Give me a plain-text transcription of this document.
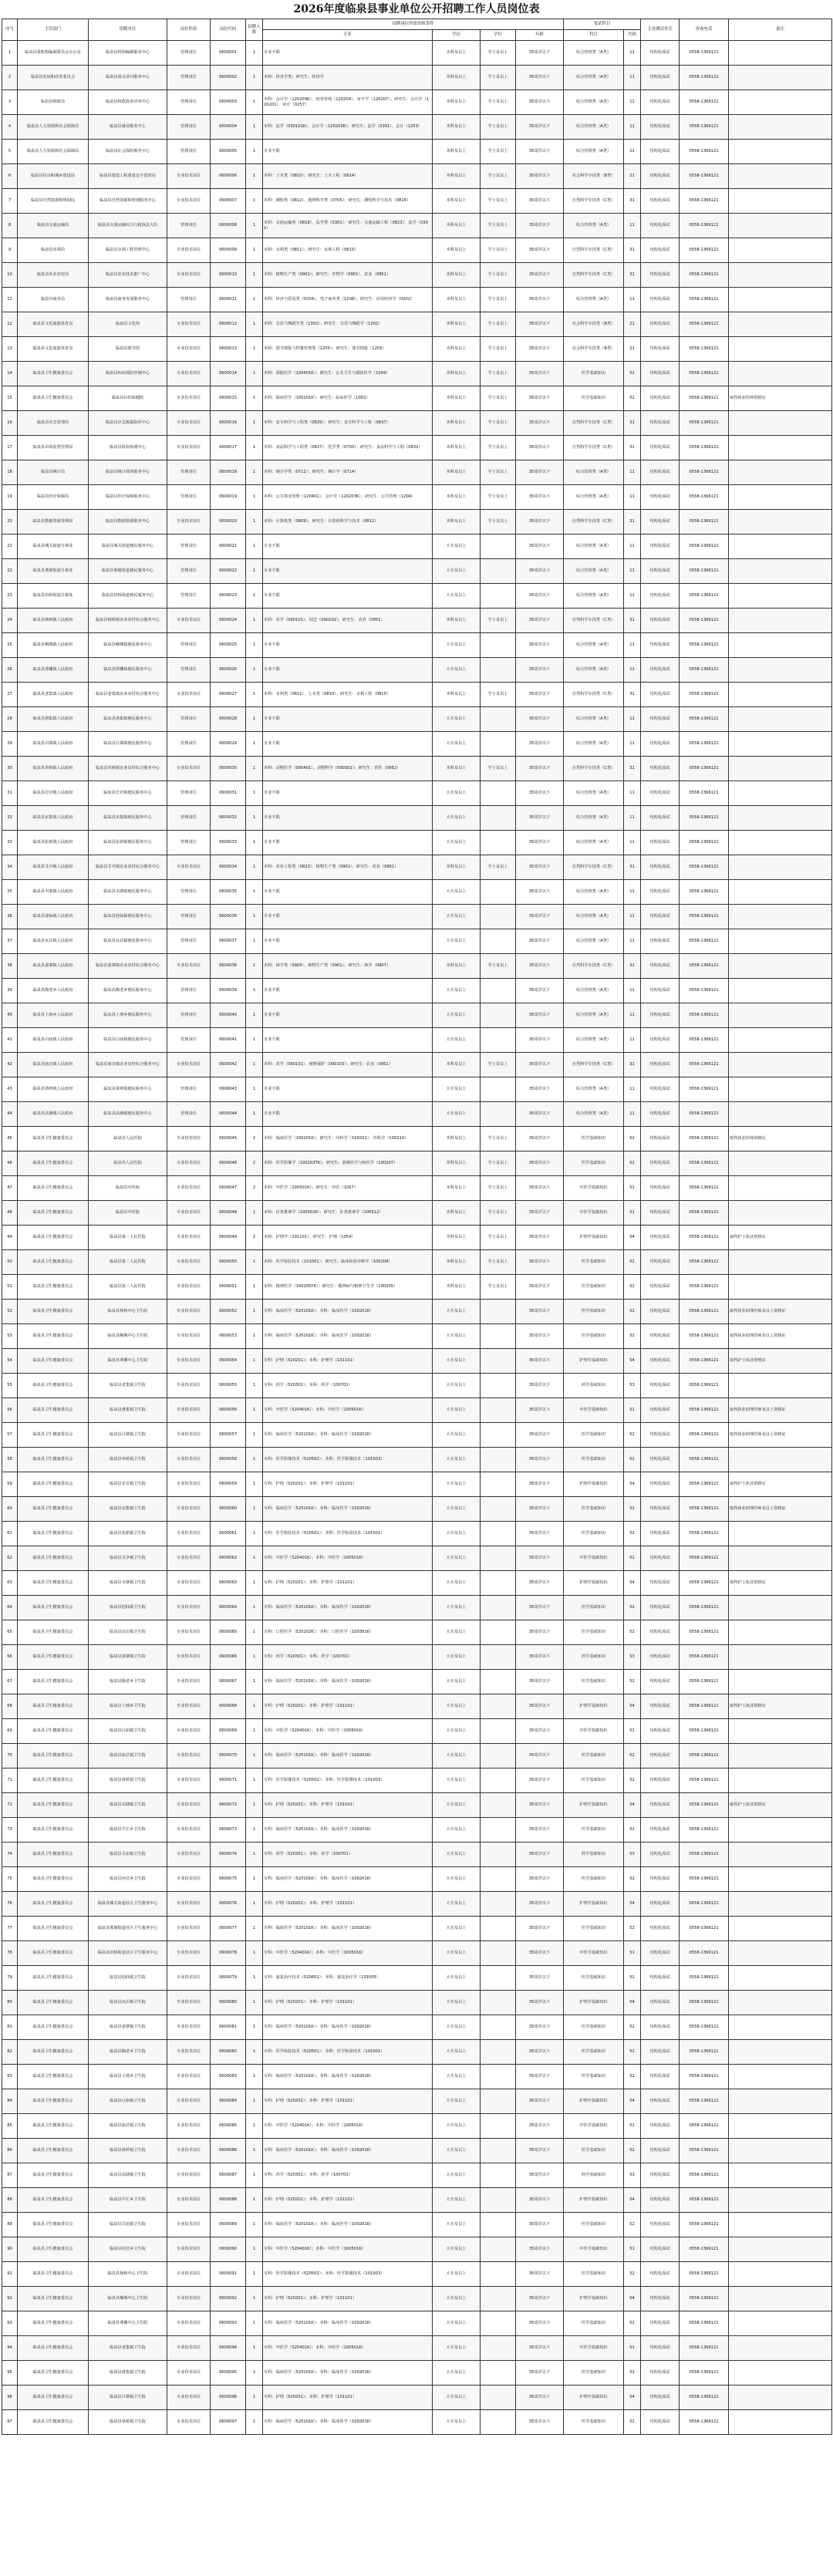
2026年度临泉县事业单位公开招聘工作人员岗位表
序号	主管部门	招聘单位	岗位性质	岗位代码	招聘人数	招聘岗位所需资格条件				笔试科目		专业测试形式	咨询电话	备注
						专业	学历	学位	年龄	科目	代码			
1	临泉县委机构编制委员会办公室	临泉县机构编制服务中心	管理岗位	0600001	1	专业不限	本科及以上	学士及以上	35周岁以下	综合管理类（A类）	11	结构化面试	0558-1366121	
2	临泉县发展和改革委员会	临泉县重点项目服务中心	管理岗位	0600002	1	本科：经济学类；研究生：经济学	本科及以上	学士及以上	35周岁以下	综合管理类（A类）	11	结构化面试	0558-1366121	
3	临泉县财政局	临泉县财政投资评审中心	管理岗位	0600003	1	本科：会计学（120203K）、财务管理（120204）、审计学（120207）；研究生：会计学（120201）、审计（0257）	本科及以上	学士及以上	35周岁以下	综合管理类（A类）	11	结构化面试	0558-1366121	
4	临泉县人力资源和社会保障局	临泉县就业服务中心	管理岗位	0600004	1	本科：法学（030101K）、会计学（120203K）；研究生：法学（0301）、会计（1253）	本科及以上	学士及以上	35周岁以下	综合管理类（A类）	11	结构化面试	0558-1366121	
5	临泉县人力资源和社会保障局	临泉县社会保险服务中心	管理岗位	0600005	1	专业不限	本科及以上	学士及以上	35周岁以下	综合管理类（A类）	11	结构化面试	0558-1366121	
6	临泉县住房和城乡建设局	临泉县建设工程质量安全监督站	专业技术岗位	0600006	1	本科：土木类（0810）；研究生：土木工程（0814）	本科及以上	学士及以上	35周岁以下	社会科学专技类（B类）	21	结构化面试	0558-1366121	
7	临泉县自然资源和规划局	临泉县自然资源和规划服务中心	专业技术岗位	0600007	1	本科：测绘类（0812）、地理科学类（0705）；研究生：测绘科学与技术（0816）	本科及以上	学士及以上	35周岁以下	自然科学专技类（C类）	31	结构化面试	0558-1366121	
8	临泉县交通运输局	临泉县交通运输综合行政执法大队	管理岗位	0600008	1	本科：交通运输类（0818）、法学类（0301）；研究生：交通运输工程（0823）、法学（0301）	本科及以上	学士及以上	35周岁以下	综合管理类（A类）	11	结构化面试	0558-1366121	
9	临泉县水利局	临泉县水利工程管理中心	专业技术岗位	0600009	1	本科：水利类（0811）；研究生：水利工程（0815）	本科及以上	学士及以上	35周岁以下	自然科学专技类（C类）	31	结构化面试	0558-1366121	
10	临泉县农业农村局	临泉县农业技术推广中心	专业技术岗位	0600010	1	本科：植物生产类（0901）；研究生：作物学（0901）、农业（0951）	本科及以上	学士及以上	35周岁以下	自然科学专技类（C类）	31	结构化面试	0558-1366121	
11	临泉县商务局	临泉县商务发展服务中心	管理岗位	0600011	1	本科：经济与贸易类（0204）、电子商务类（1208）；研究生：应用经济学（0202）	本科及以上	学士及以上	35周岁以下	综合管理类（A类）	11	结构化面试	0558-1366121	
12	临泉县文化旅游体育局	临泉县文化馆	专业技术岗位	0600012	1	本科：音乐与舞蹈学类（1302）；研究生：音乐与舞蹈学（1302）	本科及以上	学士及以上	35周岁以下	社会科学专技类（B类）	21	结构化面试	0558-1366121	
13	临泉县文化旅游体育局	临泉县图书馆	专业技术岗位	0600013	1	本科：图书情报与档案管理类（1205）；研究生：图书情报（1255）	本科及以上	学士及以上	35周岁以下	社会科学专技类（B类）	21	结构化面试	0558-1366121	
14	临泉县卫生健康委员会	临泉县疾病预防控制中心	专业技术岗位	0600014	1	本科：预防医学（100401K）；研究生：公共卫生与预防医学（1004）	本科及以上	学士及以上	35周岁以下	医学基础知识	52	结构化面试	0558-1366121	
15	临泉县卫生健康委员会	临泉县妇幼保健院	专业技术岗位	0600015	1	本科：临床医学（100201K）；研究生：临床医学（1002）	本科及以上	学士及以上	35周岁以下	医学基础知识	52	结构化面试	0558-1366121	取得执业医师资格证
16	临泉县应急管理局	临泉县应急救援指挥中心	专业技术岗位	0600016	1	本科：安全科学与工程类（0829）；研究生：安全科学与工程（0837）	本科及以上	学士及以上	35周岁以下	自然科学专技类（C类）	31	结构化面试	0558-1366121	
17	临泉县市场监督管理局	临泉县检验检测中心	专业技术岗位	0600017	1	本科：食品科学与工程类（0827）、化学类（0703）；研究生：食品科学与工程（0832）	本科及以上	学士及以上	35周岁以下	自然科学专技类（C类）	31	结构化面试	0558-1366121	
18	临泉县统计局	临泉县统计调查服务中心	管理岗位	0600018	1	本科：统计学类（0712）；研究生：统计学（0714）	本科及以上	学士及以上	35周岁以下	综合管理类（A类）	11	结构化面试	0558-1366121	
19	临泉县医疗保障局	临泉县医疗保障服务中心	管理岗位	0600019	1	本科：公共事业管理（120401）、会计学（120203K）；研究生：公共管理（1204）	本科及以上	学士及以上	35周岁以下	综合管理类（A类）	11	结构化面试	0558-1366121	
20	临泉县数据资源管理局	临泉县数据资源服务中心	专业技术岗位	0600020	1	本科：计算机类（0809）；研究生：计算机科学与技术（0812）	本科及以上	学士及以上	35周岁以下	自然科学专技类（C类）	31	结构化面试	0558-1366121	
21	临泉县城关街道办事处	临泉县城关街道便民服务中心	管理岗位	0600021	1	专业不限	大专及以上		35周岁以下	综合管理类（A类）	11	结构化面试	0558-1366121	
22	临泉县邢塘街道办事处	临泉县邢塘街道便民服务中心	管理岗位	0600022	1	专业不限	大专及以上		35周岁以下	综合管理类（A类）	11	结构化面试	0558-1366121	
23	临泉县田桥街道办事处	临泉县田桥街道便民服务中心	管理岗位	0600023	1	专业不限	大专及以上		35周岁以下	综合管理类（A类）	11	结构化面试	0558-1366121	
24	临泉县杨桥镇人民政府	临泉县杨桥镇农业农村综合服务中心	专业技术岗位	0600024	1	本科：农学（090101）、园艺（090102）；研究生：农业（0951）	本科及以上	学士及以上	35周岁以下	自然科学专技类（C类）	31	结构化面试	0558-1366121	
25	临泉县鲖城镇人民政府	临泉县鲖城镇便民服务中心	管理岗位	0600025	1	专业不限	大专及以上		35周岁以下	综合管理类（A类）	11	结构化面试	0558-1366121	
26	临泉县谭棚镇人民政府	临泉县谭棚镇便民服务中心	管理岗位	0600026	1	专业不限	大专及以上		35周岁以下	综合管理类（A类）	11	结构化面试	0558-1366121	
27	临泉县老集镇人民政府	临泉县老集镇农业农村综合服务中心	专业技术岗位	0600027	1	本科：水利类（0811）、土木类（0810）；研究生：水利工程（0815）	本科及以上	学士及以上	35周岁以下	自然科学专技类（C类）	31	结构化面试	0558-1366121	
28	临泉县滑集镇人民政府	临泉县滑集镇便民服务中心	管理岗位	0600028	1	专业不限	大专及以上		35周岁以下	综合管理类（A类）	11	结构化面试	0558-1366121	
29	临泉县吕寨镇人民政府	临泉县吕寨镇便民服务中心	管理岗位	0600029	1	专业不限	大专及以上		35周岁以下	综合管理类（A类）	11	结构化面试	0558-1366121	
30	临泉县单桥镇人民政府	临泉县单桥镇农业农村综合服务中心	专业技术岗位	0600030	1	本科：动物医学（090401）、动物科学（090301）；研究生：兽医（0952）	本科及以上	学士及以上	35周岁以下	自然科学专技类（C类）	31	结构化面试	0558-1366121	
31	临泉县长官镇人民政府	临泉县长官镇便民服务中心	管理岗位	0600031	1	专业不限	大专及以上		35周岁以下	综合管理类（A类）	11	结构化面试	0558-1366121	
32	临泉县宋集镇人民政府	临泉县宋集镇便民服务中心	管理岗位	0600032	1	专业不限	大专及以上		35周岁以下	综合管理类（A类）	11	结构化面试	0558-1366121	
33	临泉县张新镇人民政府	临泉县张新镇便民服务中心	管理岗位	0600033	1	专业不限	大专及以上		35周岁以下	综合管理类（A类）	11	结构化面试	0558-1366121	
34	临泉县艾亭镇人民政府	临泉县艾亭镇农业农村综合服务中心	专业技术岗位	0600034	1	本科：农业工程类（0823）、植物生产类（0901）；研究生：农业（0951）	本科及以上	学士及以上	35周岁以下	自然科学专技类（C类）	31	结构化面试	0558-1366121	
35	临泉县韦寨镇人民政府	临泉县韦寨镇便民服务中心	管理岗位	0600035	1	专业不限	大专及以上		35周岁以下	综合管理类（A类）	11	结构化面试	0558-1366121	
36	临泉县迎仙镇人民政府	临泉县迎仙镇便民服务中心	管理岗位	0600036	1	专业不限	大专及以上		35周岁以下	综合管理类（A类）	11	结构化面试	0558-1366121	
37	临泉县瓦店镇人民政府	临泉县瓦店镇便民服务中心	管理岗位	0600037	1	专业不限	大专及以上		35周岁以下	综合管理类（A类）	11	结构化面试	0558-1366121	
38	临泉县姜寨镇人民政府	临泉县姜寨镇农业农村综合服务中心	专业技术岗位	0600038	1	本科：林学类（0905）、植物生产类（0901）；研究生：林学（0907）	本科及以上	学士及以上	35周岁以下	自然科学专技类（C类）	31	结构化面试	0558-1366121	
39	临泉县陶老乡人民政府	临泉县陶老乡便民服务中心	管理岗位	0600039	1	专业不限	大专及以上		35周岁以下	综合管理类（A类）	11	结构化面试	0558-1366121	
40	临泉县土坡乡人民政府	临泉县土坡乡便民服务中心	管理岗位	0600040	1	专业不限	大专及以上		35周岁以下	综合管理类（A类）	11	结构化面试	0558-1366121	
41	临泉县白庙镇人民政府	临泉县白庙镇便民服务中心	管理岗位	0600041	1	专业不限	大专及以上		35周岁以下	综合管理类（A类）	11	结构化面试	0558-1366121	
42	临泉县庙岔镇人民政府	临泉县庙岔镇农业农村综合服务中心	专业技术岗位	0600042	1	本科：农学（090101）、植物保护（090103）；研究生：农业（0951）	本科及以上	学士及以上	35周岁以下	自然科学专技类（C类）	31	结构化面试	0558-1366121	
43	临泉县黄岭镇人民政府	临泉县黄岭镇便民服务中心	管理岗位	0600043	1	专业不限	大专及以上		35周岁以下	综合管理类（A类）	11	结构化面试	0558-1366121	
44	临泉县高塘镇人民政府	临泉县高塘镇便民服务中心	管理岗位	0600044	1	专业不限	大专及以上		35周岁以下	综合管理类（A类）	11	结构化面试	0558-1366121	
45	临泉县卫生健康委员会	临泉县人民医院	专业技术岗位	0600045	2	本科：临床医学（100201K）；研究生：内科学（100201）、外科学（100210）	本科及以上	学士及以上	35周岁以下	医学基础知识	52	结构化面试	0558-1366121	取得执业医师资格证
46	临泉县卫生健康委员会	临泉县人民医院	专业技术岗位	0600046	2	本科：医学影像学（100203TK）；研究生：影像医学与核医学（100207）	本科及以上	学士及以上	35周岁以下	医学基础知识	52	结构化面试	0558-1366121	
47	临泉县卫生健康委员会	临泉县中医院	专业技术岗位	0600047	2	本科：中医学（100501K）；研究生：中医（1057）	本科及以上	学士及以上	35周岁以下	中医学基础知识	51	结构化面试	0558-1366121	
48	临泉县卫生健康委员会	临泉县中医院	专业技术岗位	0600048	1	本科：针灸推拿学（100502K）；研究生：针灸推拿学（100512）	本科及以上	学士及以上	35周岁以下	中医学基础知识	51	结构化面试	0558-1366121	
49	临泉县卫生健康委员会	临泉县第二人民医院	专业技术岗位	0600049	2	本科：护理学（101101）；研究生：护理（1054）	本科及以上	学士及以上	35周岁以下	护理学基础知识	54	结构化面试	0558-1366121	取得护士执业资格证
50	临泉县卫生健康委员会	临泉县第二人民医院	专业技术岗位	0600050	1	本科：医学检验技术（101001）；研究生：临床检验诊断学（100208）	本科及以上	学士及以上	35周岁以下	医学基础知识	52	结构化面试	0558-1366121	
51	临泉县卫生健康委员会	临泉县第三人民医院	专业技术岗位	0600051	1	本科：精神医学（100205TK）；研究生：精神病与精神卫生学（100205）	本科及以上	学士及以上	35周岁以下	医学基础知识	52	结构化面试	0558-1366121	
52	临泉县卫生健康委员会	临泉县杨桥中心卫生院	专业技术岗位	0600052	1	专科：临床医学（520101K）；本科：临床医学（100201K）	大专及以上		35周岁以下	医学基础知识	52	结构化面试	0558-1366121	取得执业助理医师及以上资格证
53	临泉县卫生健康委员会	临泉县鲖城中心卫生院	专业技术岗位	0600053	1	专科：临床医学（520101K）；本科：临床医学（100201K）	大专及以上		35周岁以下	医学基础知识	52	结构化面试	0558-1366121	取得执业助理医师及以上资格证
54	临泉县卫生健康委员会	临泉县谭棚中心卫生院	专业技术岗位	0600054	1	专科：护理（520201）；本科：护理学（101101）	大专及以上		35周岁以下	护理学基础知识	54	结构化面试	0558-1366121	取得护士执业资格证
55	临泉县卫生健康委员会	临泉县老集镇卫生院	专业技术岗位	0600055	1	专科：药学（520301）；本科：药学（100701）	大专及以上		35周岁以下	药学基础知识	53	结构化面试	0558-1366121	
56	临泉县卫生健康委员会	临泉县滑集镇卫生院	专业技术岗位	0600056	1	专科：中医学（520401K）；本科：中医学（100501K）	大专及以上		35周岁以下	中医学基础知识	51	结构化面试	0558-1366121	取得执业助理医师及以上资格证
57	临泉县卫生健康委员会	临泉县吕寨镇卫生院	专业技术岗位	0600057	1	专科：临床医学（520101K）；本科：临床医学（100201K）	大专及以上		35周岁以下	医学基础知识	52	结构化面试	0558-1366121	取得执业助理医师及以上资格证
58	临泉县卫生健康委员会	临泉县单桥镇卫生院	专业技术岗位	0600058	1	专科：医学影像技术（520502）；本科：医学影像技术（101003）	大专及以上		35周岁以下	医学基础知识	52	结构化面试	0558-1366121	
59	临泉县卫生健康委员会	临泉县长官镇卫生院	专业技术岗位	0600059	1	专科：护理（520201）；本科：护理学（101101）	大专及以上		35周岁以下	护理学基础知识	54	结构化面试	0558-1366121	取得护士执业资格证
60	临泉县卫生健康委员会	临泉县宋集镇卫生院	专业技术岗位	0600060	1	专科：临床医学（520101K）；本科：临床医学（100201K）	大专及以上		35周岁以下	医学基础知识	52	结构化面试	0558-1366121	取得执业助理医师及以上资格证
61	临泉县卫生健康委员会	临泉县张新镇卫生院	专业技术岗位	0600061	1	专科：医学检验技术（520501）；本科：医学检验技术（101001）	大专及以上		35周岁以下	医学基础知识	52	结构化面试	0558-1366121	
62	临泉县卫生健康委员会	临泉县艾亭镇卫生院	专业技术岗位	0600062	1	专科：中医学（520401K）；本科：中医学（100501K）	大专及以上		35周岁以下	中医学基础知识	51	结构化面试	0558-1366121	
63	临泉县卫生健康委员会	临泉县韦寨镇卫生院	专业技术岗位	0600063	1	专科：护理（520201）；本科：护理学（101101）	大专及以上		35周岁以下	护理学基础知识	54	结构化面试	0558-1366121	取得护士执业资格证
64	临泉县卫生健康委员会	临泉县迎仙镇卫生院	专业技术岗位	0600064	1	专科：临床医学（520101K）；本科：临床医学（100201K）	大专及以上		35周岁以下	医学基础知识	52	结构化面试	0558-1366121	
65	临泉县卫生健康委员会	临泉县瓦店镇卫生院	专业技术岗位	0600065	1	专科：口腔医学（520102K）；本科：口腔医学（100301K）	大专及以上		35周岁以下	医学基础知识	52	结构化面试	0558-1366121	
66	临泉县卫生健康委员会	临泉县姜寨镇卫生院	专业技术岗位	0600066	1	专科：药学（520301）；本科：药学（100701）	大专及以上		35周岁以下	药学基础知识	53	结构化面试	0558-1366121	
67	临泉县卫生健康委员会	临泉县陶老乡卫生院	专业技术岗位	0600067	1	专科：临床医学（520101K）；本科：临床医学（100201K）	大专及以上		35周岁以下	医学基础知识	52	结构化面试	0558-1366121	
68	临泉县卫生健康委员会	临泉县土坡乡卫生院	专业技术岗位	0600068	1	专科：护理（520201）；本科：护理学（101101）	大专及以上		35周岁以下	护理学基础知识	54	结构化面试	0558-1366121	取得护士执业资格证
69	临泉县卫生健康委员会	临泉县白庙镇卫生院	专业技术岗位	0600069	1	专科：中医学（520401K）；本科：中医学（100501K）	大专及以上		35周岁以下	中医学基础知识	51	结构化面试	0558-1366121	
70	临泉县卫生健康委员会	临泉县庙岔镇卫生院	专业技术岗位	0600070	1	专科：临床医学（520101K）；本科：临床医学（100201K）	大专及以上		35周岁以下	医学基础知识	52	结构化面试	0558-1366121	
71	临泉县卫生健康委员会	临泉县黄岭镇卫生院	专业技术岗位	0600071	1	专科：医学影像技术（520502）；本科：医学影像技术（101003）	大专及以上		35周岁以下	医学基础知识	52	结构化面试	0558-1366121	
72	临泉县卫生健康委员会	临泉县高塘镇卫生院	专业技术岗位	0600072	1	专科：护理（520201）；本科：护理学（101101）	大专及以上		35周岁以下	护理学基础知识	54	结构化面试	0558-1366121	取得护士执业资格证
73	临泉县卫生健康委员会	临泉县牛庄乡卫生院	专业技术岗位	0600073	1	专科：临床医学（520101K）；本科：临床医学（100201K）	大专及以上		35周岁以下	医学基础知识	52	结构化面试	0558-1366121	
74	临泉县卫生健康委员会	临泉县关庙镇卫生院	专业技术岗位	0600074	1	专科：药学（520301）；本科：药学（100701）	大专及以上		35周岁以下	药学基础知识	53	结构化面试	0558-1366121	
75	临泉县卫生健康委员会	临泉县河岔乡卫生院	专业技术岗位	0600075	1	专科：临床医学（520101K）；本科：临床医学（100201K）	大专及以上		35周岁以下	医学基础知识	52	结构化面试	0558-1366121	
76	临泉县卫生健康委员会	临泉县城关街道社区卫生服务中心	专业技术岗位	0600076	1	专科：护理（520201）；本科：护理学（101101）	大专及以上		35周岁以下	护理学基础知识	54	结构化面试	0558-1366121	
77	临泉县卫生健康委员会	临泉县邢塘街道社区卫生服务中心	专业技术岗位	0600077	1	专科：临床医学（520101K）；本科：临床医学（100201K）	大专及以上		35周岁以下	医学基础知识	52	结构化面试	0558-1366121	
78	临泉县卫生健康委员会	临泉县田桥街道社区卫生服务中心	专业技术岗位	0600078	1	专科：中医学（520401K）；本科：中医学（100501K）	大专及以上		35周岁以下	中医学基础知识	51	结构化面试	0558-1366121	
79	临泉县卫生健康委员会	临泉县迎仙镇卫生院	专业技术岗位	0600079	1	专科：康复治疗技术（520601）；本科：康复治疗学（101005）	大专及以上		35周岁以下	医学基础知识	52	结构化面试	0558-1366121	
80	临泉县卫生健康委员会	临泉县瓦店镇卫生院	专业技术岗位	0600080	1	专科：护理（520201）；本科：护理学（101101）	大专及以上		35周岁以下	护理学基础知识	54	结构化面试	0558-1366121	
81	临泉县卫生健康委员会	临泉县姜寨镇卫生院	专业技术岗位	0600081	1	专科：临床医学（520101K）；本科：临床医学（100201K）	大专及以上		35周岁以下	医学基础知识	52	结构化面试	0558-1366121	
82	临泉县卫生健康委员会	临泉县陶老乡卫生院	专业技术岗位	0600082	1	专科：医学检验技术（520501）；本科：医学检验技术（101001）	大专及以上		35周岁以下	医学基础知识	52	结构化面试	0558-1366121	
83	临泉县卫生健康委员会	临泉县土坡乡卫生院	专业技术岗位	0600083	1	专科：临床医学（520101K）；本科：临床医学（100201K）	大专及以上		35周岁以下	医学基础知识	52	结构化面试	0558-1366121	
84	临泉县卫生健康委员会	临泉县白庙镇卫生院	专业技术岗位	0600084	1	专科：护理（520201）；本科：护理学（101101）	大专及以上		35周岁以下	护理学基础知识	54	结构化面试	0558-1366121	
85	临泉县卫生健康委员会	临泉县庙岔镇卫生院	专业技术岗位	0600085	1	专科：中医学（520401K）；本科：中医学（100501K）	大专及以上		35周岁以下	中医学基础知识	51	结构化面试	0558-1366121	
86	临泉县卫生健康委员会	临泉县黄岭镇卫生院	专业技术岗位	0600086	1	专科：临床医学（520101K）；本科：临床医学（100201K）	大专及以上		35周岁以下	医学基础知识	52	结构化面试	0558-1366121	
87	临泉县卫生健康委员会	临泉县高塘镇卫生院	专业技术岗位	0600087	1	专科：药学（520301）；本科：药学（100701）	大专及以上		35周岁以下	药学基础知识	53	结构化面试	0558-1366121	
88	临泉县卫生健康委员会	临泉县牛庄乡卫生院	专业技术岗位	0600088	1	专科：护理（520201）；本科：护理学（101101）	大专及以上		35周岁以下	护理学基础知识	54	结构化面试	0558-1366121	
89	临泉县卫生健康委员会	临泉县关庙镇卫生院	专业技术岗位	0600089	1	专科：临床医学（520101K）；本科：临床医学（100201K）	大专及以上		35周岁以下	医学基础知识	52	结构化面试	0558-1366121	
90	临泉县卫生健康委员会	临泉县河岔乡卫生院	专业技术岗位	0600090	1	专科：中医学（520401K）；本科：中医学（100501K）	大专及以上		35周岁以下	中医学基础知识	51	结构化面试	0558-1366121	
91	临泉县卫生健康委员会	临泉县杨桥中心卫生院	专业技术岗位	0600091	1	专科：医学影像技术（520502）；本科：医学影像技术（101003）	大专及以上		35周岁以下	医学基础知识	52	结构化面试	0558-1366121	
92	临泉县卫生健康委员会	临泉县鲖城中心卫生院	专业技术岗位	0600092	1	专科：护理（520201）；本科：护理学（101101）	大专及以上		35周岁以下	护理学基础知识	54	结构化面试	0558-1366121	
93	临泉县卫生健康委员会	临泉县谭棚中心卫生院	专业技术岗位	0600093	1	专科：临床医学（520101K）；本科：临床医学（100201K）	大专及以上		35周岁以下	医学基础知识	52	结构化面试	0558-1366121	
94	临泉县卫生健康委员会	临泉县老集镇卫生院	专业技术岗位	0600094	1	专科：中医学（520401K）；本科：中医学（100501K）	大专及以上		35周岁以下	中医学基础知识	51	结构化面试	0558-1366121	
95	临泉县卫生健康委员会	临泉县滑集镇卫生院	专业技术岗位	0600095	1	专科：临床医学（520101K）；本科：临床医学（100201K）	大专及以上		35周岁以下	医学基础知识	52	结构化面试	0558-1366121	
96	临泉县卫生健康委员会	临泉县吕寨镇卫生院	专业技术岗位	0600096	1	专科：护理（520201）；本科：护理学（101101）	大专及以上		35周岁以下	护理学基础知识	54	结构化面试	0558-1366121	
97	临泉县卫生健康委员会	临泉县单桥镇卫生院	专业技术岗位	0600097	1	专科：临床医学（520101K）；本科：临床医学（100201K）	大专及以上		35周岁以下	医学基础知识	52	结构化面试	0558-1366121	
